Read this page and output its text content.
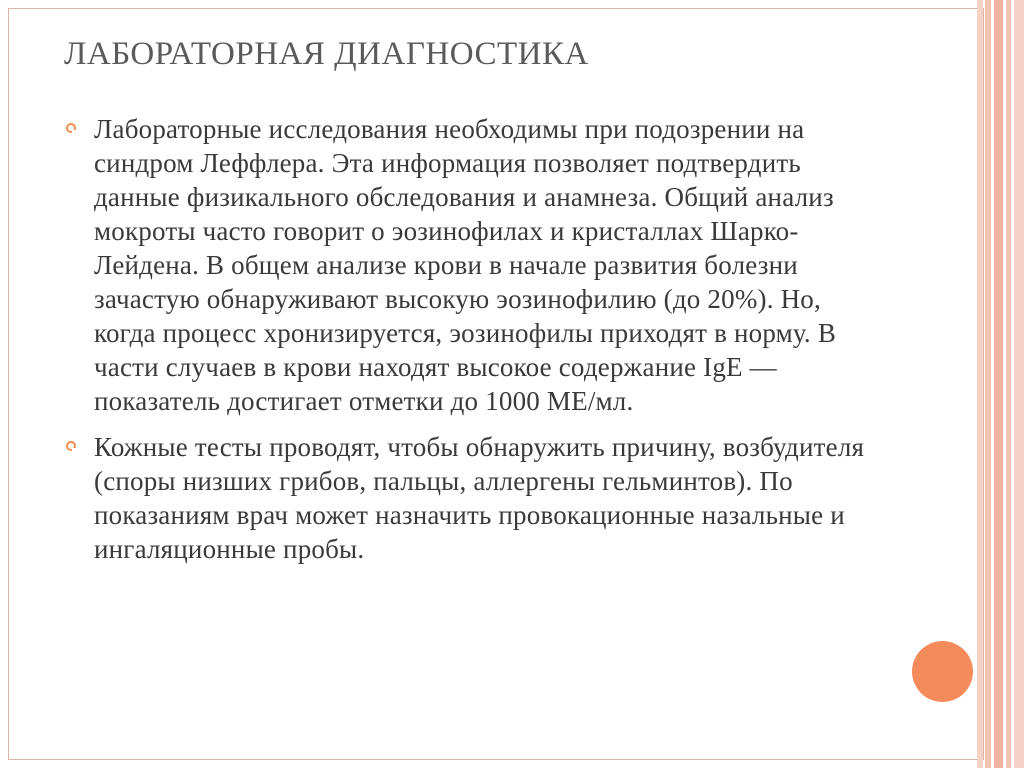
ЛАБОРАТОРНАЯ ДИАГНОСТИКА
Лабораторные исследования необходимы при подозрении на синдром Леффлера. Эта информация позволяет подтвердить данные физикального обследования и анамнеза. Общий анализ мокроты часто говорит о эозинофилах и кристаллах Шарко-Лейдена. В общем анализе крови в начале развития болезни зачастую обнаруживают высокую эозинофилию (до 20%). Но, когда процесс хронизируется, эозинофилы приходят в норму. В части случаев в крови находят высокое содержание IgE — показатель достигает отметки до 1000 МЕ/мл.
Кожные тесты проводят, чтобы обнаружить причину, возбудителя (споры низших грибов, пальцы, аллергены гельминтов). По показаниям врач может назначить провокационные назальные и ингаляционные пробы.
